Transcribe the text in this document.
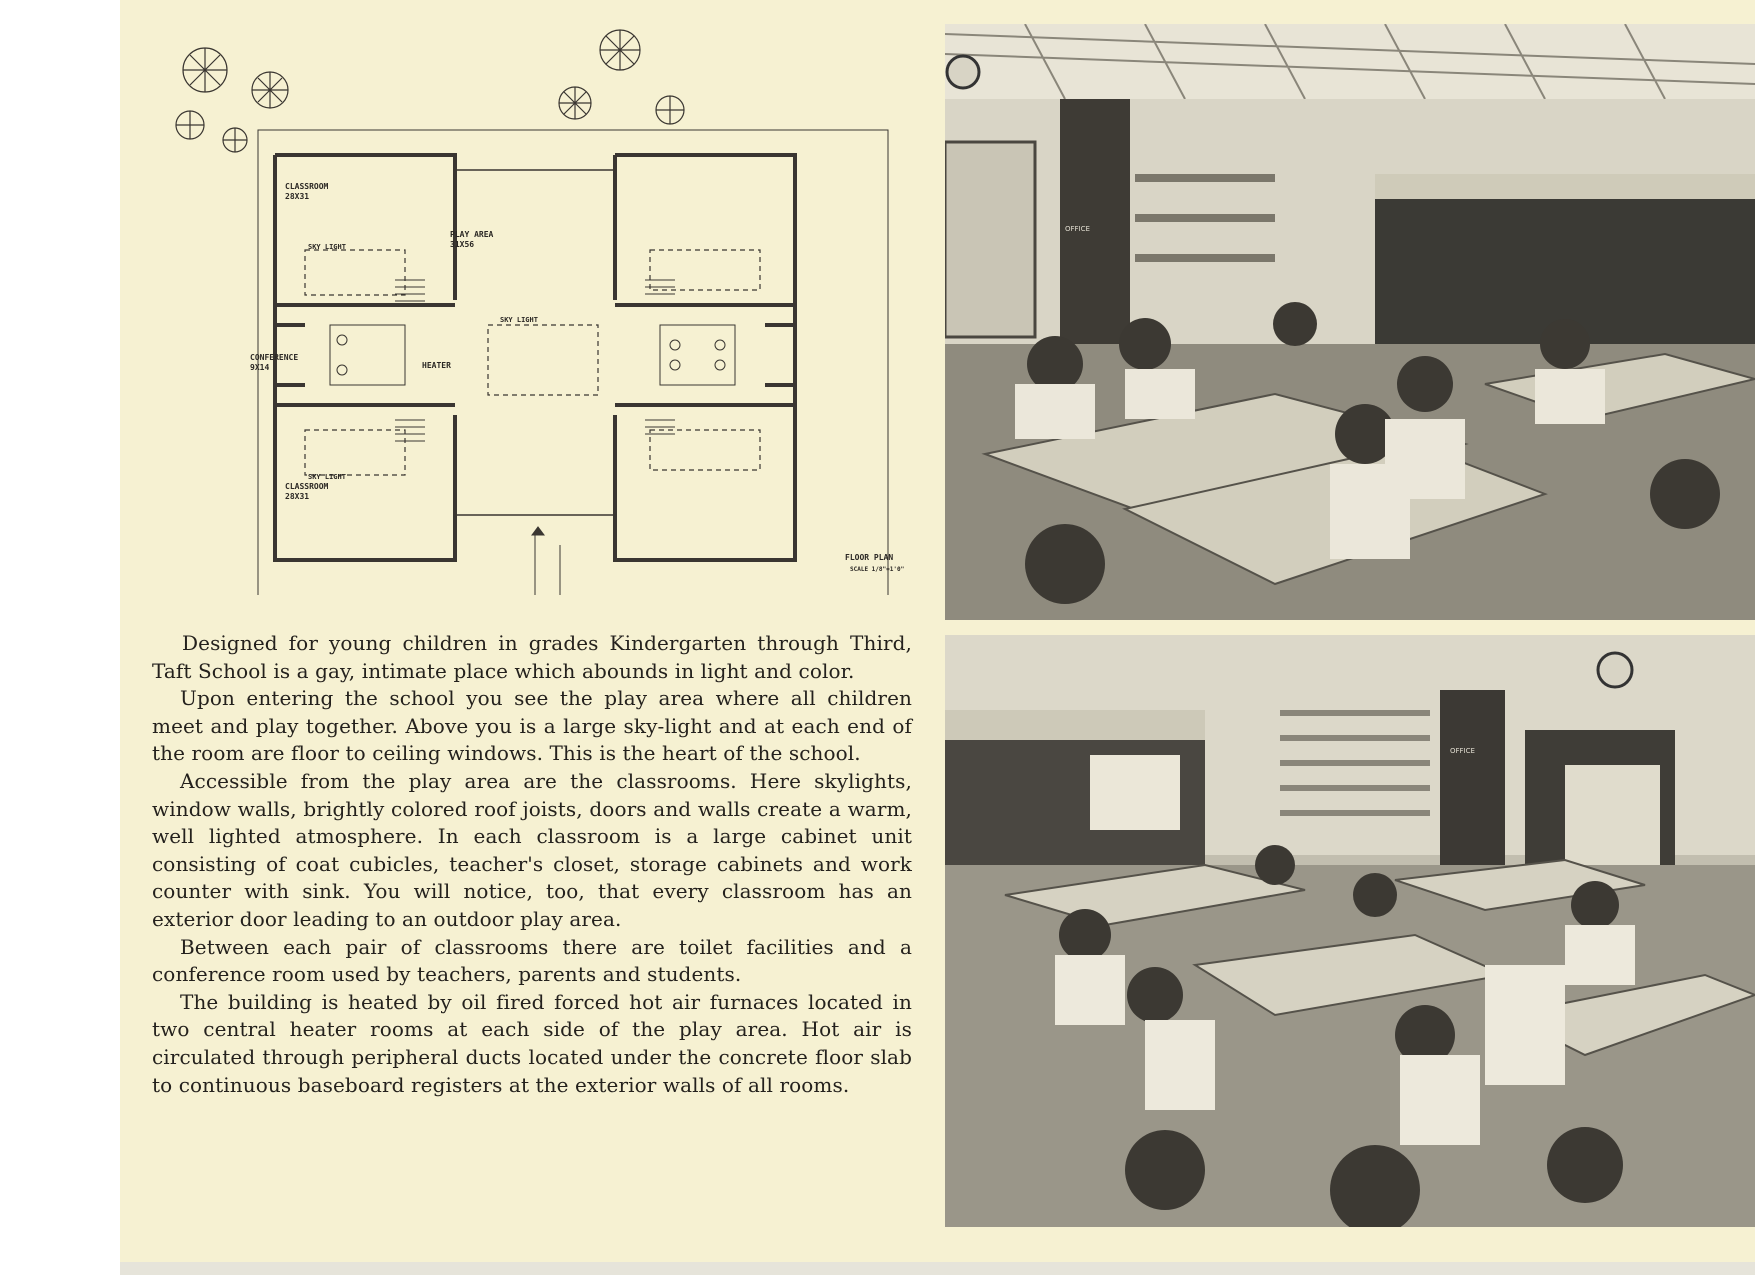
CLASSROOM
28X31
CLASSROOM
28X31
PLAY AREA
31X56
CONFERENCE
9X14	HEATER
SKY LIGHT
SKY LIGHT
SKY LIGHT
FLOOR PLAN
SCALE 1/8"=1'0"

Designed for young children in grades Kindergarten through Third, Taft School is a gay, intimate place which abounds in light and color.

Upon entering the school you see the play area where all children meet and play together. Above you is a large sky-light and at each end of the room are floor to ceiling windows. This is the heart of the school.

Accessible from the play area are the classrooms. Here skylights, window walls, brightly colored roof joists, doors and walls create a warm, well lighted atmosphere. In each classroom is a large cabinet unit consisting of coat cubicles, teacher's closet, storage cabinets and work counter with sink. You will notice, too, that every classroom has an exterior door leading to an outdoor play area.

Between each pair of classrooms there are toilet facilities and a conference room used by teachers, parents and students.

The building is heated by oil fired forced hot air furnaces located in two central heater rooms at each side of the play area. Hot air is circulated through peripheral ducts located under the concrete floor slab to continuous baseboard registers at the exterior walls of all rooms.

OFFICE
OFFICE
